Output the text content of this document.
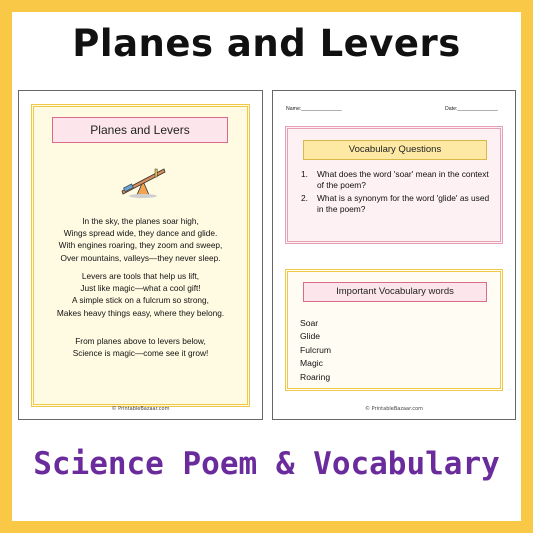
Planes and Levers
Planes and Levers
In the sky, the planes soar high,
Wings spread wide, they dance and glide.
With engines roaring, they zoom and sweep,
Over mountains, valleys—they never sleep.
Levers are tools that help us lift,
Just like magic—what a cool gift!
A simple stick on a fulcrum so strong,
Makes heavy things easy, where they belong.
From planes above to levers below,
Science is magic—come see it grow!
© PrintableBazaar.com
Name:______________	Date:______________
Vocabulary Questions
1. What does the word 'soar' mean in the context of the poem?
2. What is a synonym for the word 'glide' as used in the poem?
Important Vocabulary words
Soar
Glide
Fulcrum
Magic
Roaring
© PrintableBazaar.com
Science Poem & Vocabulary
